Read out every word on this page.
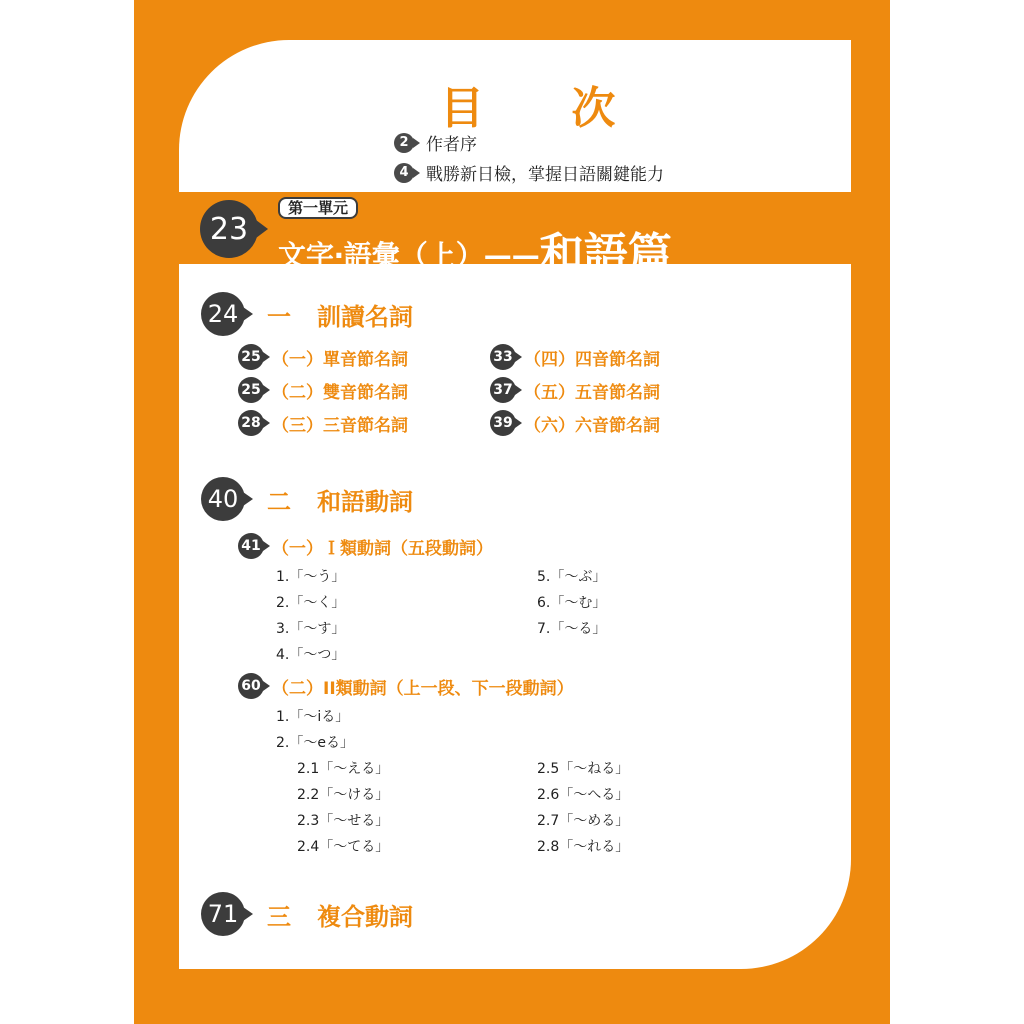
目 次
2	作者序
4	戰勝新日檢，掌握日語關鍵能力
23
第一單元
文字‧語彙（上）——和語篇
24 一 訓讀名詞
25 （一）單音節名詞
25 （二）雙音節名詞
28 （三）三音節名詞
33 （四）四音節名詞
37 （五）五音節名詞
39 （六）六音節名詞
40 二 和語動詞
41 （一）Ｉ類動詞（五段動詞）
1.「～う」
2.「～く」
3.「～す」
4.「～つ」
5.「～ぶ」
6.「～む」
7.「～る」
60 （二）II類動詞（上一段、下一段動詞）
1.「～iる」
2.「～eる」
2.1「～える」
2.2「～ける」
2.3「～せる」
2.4「～てる」
2.5「～ねる」
2.6「～へる」
2.7「～める」
2.8「～れる」
71 三 複合動詞
